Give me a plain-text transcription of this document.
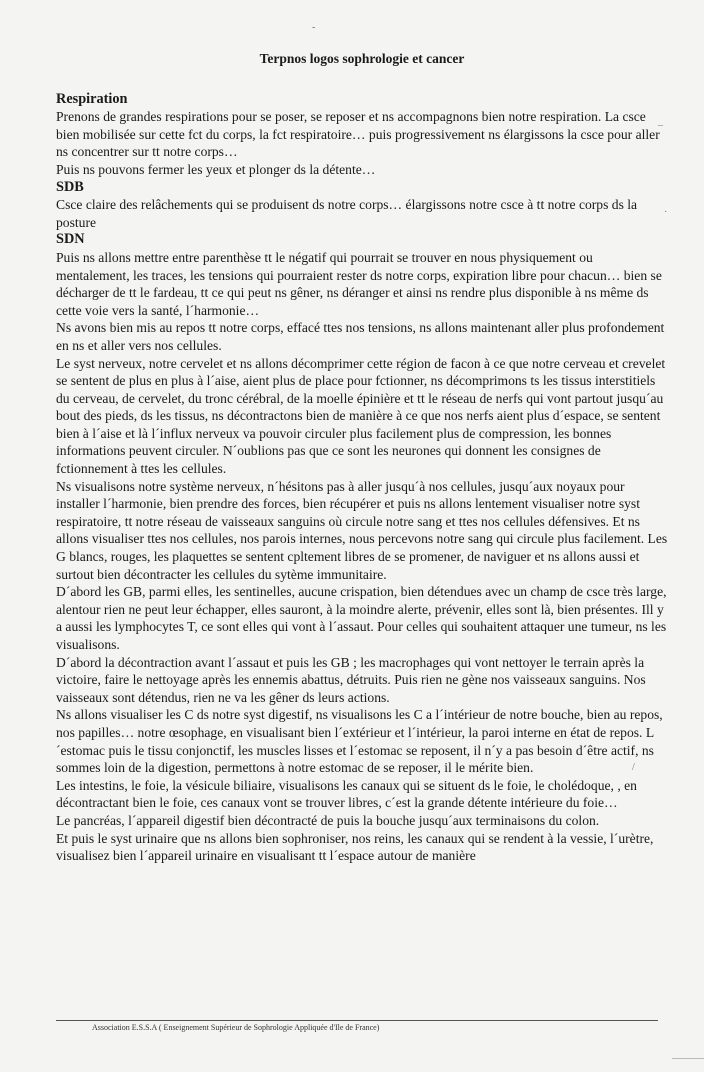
-
–
·
/
Terpnos logos sophrologie et cancer
Respiration

Prenons de grandes respirations pour se poser, se reposer et ns accompagnons bien notre respiration. La csce bien mobilisée sur cette fct du corps, la fct respiratoire… puis progressivement ns élargissons la csce pour aller ns concentrer sur tt notre corps…

Puis ns pouvons fermer les yeux et plonger ds la détente…

SDB

Csce claire des relâchements qui se produisent ds notre corps… élargissons notre csce à tt notre corps ds la posture

SDN

Puis ns allons mettre entre parenthèse tt le négatif qui pourrait se trouver en nous physiquement ou mentalement, les traces, les tensions qui pourraient rester ds notre corps, expiration libre pour chacun… bien se décharger de tt le fardeau, tt ce qui peut ns gêner, ns déranger et ainsi ns rendre plus disponible à ns même ds cette voie vers la santé, l´harmonie…

Ns avons bien mis au repos tt notre corps, effacé ttes nos tensions, ns allons maintenant aller plus profondement en ns et aller vers nos cellules.

Le syst nerveux, notre cervelet et ns allons décomprimer cette région de facon à ce que notre cerveau et crevelet se sentent de plus en plus à l´aise, aient plus de place pour fctionner, ns décomprimons ts les tissus interstitiels du cerveau, de cervelet, du tronc cérébral, de la moelle épinière et tt le réseau de nerfs qui vont partout jusqu´au bout des pieds, ds les tissus, ns décontractons bien de manière à ce que nos nerfs aient plus d´espace, se sentent bien à l´aise et là l´influx nerveux va pouvoir circuler plus facilement plus de compression, les bonnes informations peuvent circuler. N´oublions pas que ce sont les neurones qui donnent les consignes de fctionnement à ttes les cellules.

Ns visualisons notre système nerveux, n´hésitons pas à aller jusqu´à nos cellules, jusqu´aux noyaux pour installer l´harmonie, bien prendre des forces, bien récupérer et puis ns allons lentement visualiser notre syst respiratoire, tt notre réseau de vaisseaux sanguins où circule notre sang et ttes nos cellules défensives. Et ns allons visualiser ttes nos cellules, nos parois internes, nous percevons notre sang qui circule plus facilement. Les G blancs, rouges, les plaquettes se sentent cpltement libres de se promener, de naviguer et ns allons aussi et surtout bien décontracter les cellules du sytème immunitaire.

D´abord les GB, parmi elles, les sentinelles, aucune crispation, bien détendues avec un champ de csce très large, alentour rien ne peut leur échapper, elles sauront, à la moindre alerte, prévenir, elles sont là, bien présentes. Ill y a aussi les lymphocytes T, ce sont elles qui vont à l´assaut. Pour celles qui souhaitent attaquer une tumeur, ns les visualisons.

D´abord la décontraction avant l´assaut et puis les GB ; les macrophages qui vont nettoyer le terrain après la victoire, faire le nettoyage après les ennemis abattus, détruits. Puis rien ne gène nos vaisseaux sanguins. Nos vaisseaux sont détendus, rien ne va les gêner ds leurs actions.

Ns allons visualiser les C ds notre syst digestif, ns visualisons les C a l´intérieur de notre bouche, bien au repos, nos papilles… notre œsophage, en visualisant bien l´extérieur et l´intérieur, la paroi interne en état de repos. L´estomac puis le tissu conjonctif, les muscles lisses et l´estomac se reposent, il n´y a pas besoin d´être actif, ns sommes loin de la digestion, permettons à notre estomac de se reposer, il le mérite bien.

Les intestins, le foie, la vésicule biliaire, visualisons les canaux qui se situent ds le foie, le cholédoque, , en décontractant bien le foie, ces canaux vont se trouver libres, c´est la grande détente intérieure du foie…

Le pancréas, l´appareil digestif bien décontracté de puis la bouche jusqu´aux terminaisons du colon.

Et puis le syst urinaire que ns allons bien sophroniser, nos reins, les canaux qui se rendent à la vessie, l´urètre, visualisez bien l´appareil urinaire en visualisant tt l´espace autour de manière

Association E.S.S.A ( Enseignement Supérieur de Sophrologie Appliquée d'Ile de France)
